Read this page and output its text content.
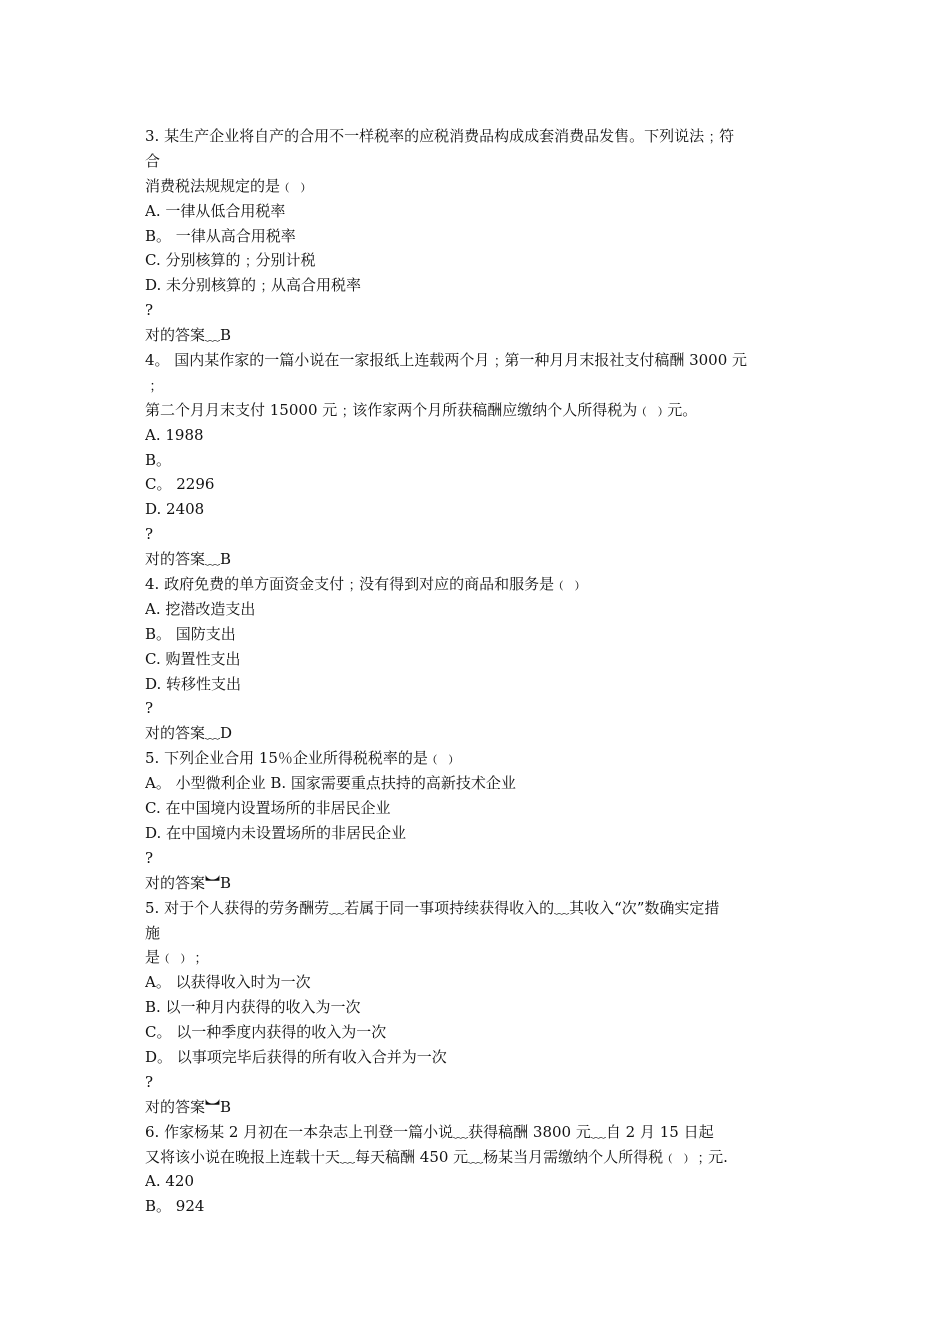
3. 某生产企业将自产的合用不一样税率的应税消费品构成成套消费品发售。下列说法﹔符
合
消费税法规规定的是﹙﹚
A. 一律从低合用税率
B。 一律从高合用税率
C. 分别核算的﹔分别计税
D. 未分别核算的﹔从高合用税率
?
对的答案﹏B
4。 国内某作家的一篇小说在一家报纸上连载两个月﹔第一种月月末报社支付稿酬 3000 元
﹔
第二个月月末支付 15000 元﹔该作家两个月所获稿酬应缴纳个人所得税为﹙﹚元。
A. 1988
B。
C。 2296
D. 2408
?
对的答案﹏B
4. 政府免费的单方面资金支付﹔没有得到对应的商品和服务是﹙﹚
A. 挖潜改造支出
B。 国防支出
C. 购置性支出
D. 转移性支出
?
对的答案﹏D
5. 下列企业合用 15％企业所得税税率的是﹙﹚
A。 小型微利企业 B. 国家需要重点扶持的高新技术企业
C. 在中国境内设置场所的非居民企业
D. 在中国境内未设置场所的非居民企业
?
对的答案︼B
5. 对于个人获得的劳务酬劳﹏若属于同一事项持续获得收入的﹏其收入“次”数确实定措
施
是﹙﹚﹔
A。 以获得收入时为一次
B. 以一种月内获得的收入为一次
C。 以一种季度内获得的收入为一次
D。 以事项完毕后获得的所有收入合并为一次
?
对的答案︼B
6. 作家杨某 2 月初在一本杂志上刊登一篇小说﹏获得稿酬 3800 元﹏自 2 月 15 日起
又将该小说在晚报上连载十天﹏每天稿酬 450 元﹏杨某当月需缴纳个人所得税﹙﹚﹔元.
A. 420
B。 924
